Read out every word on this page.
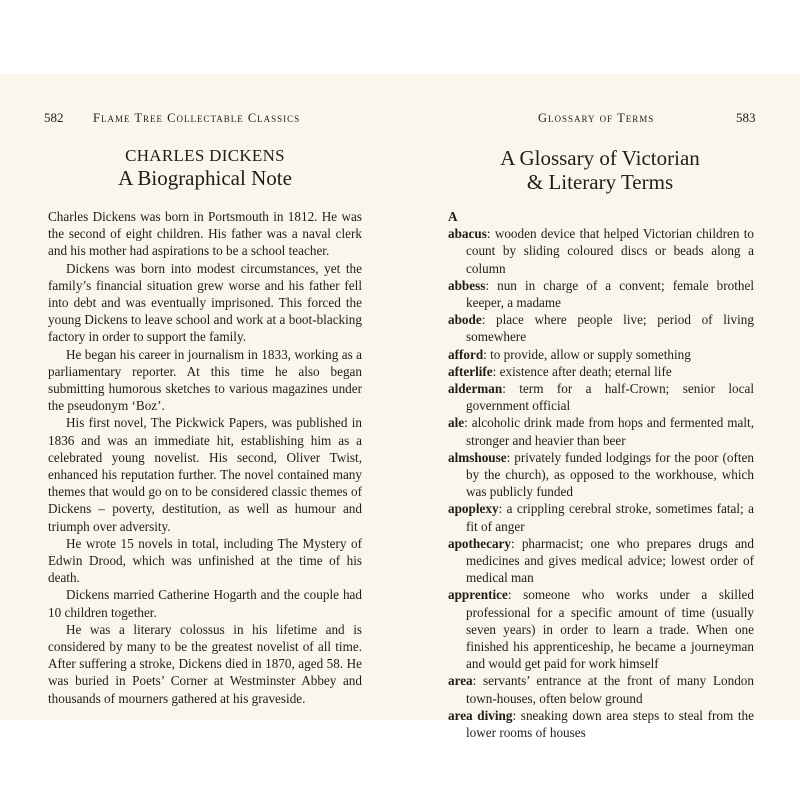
582 Flame Tree Collectable Classics
CHARLES DICKENS
A Biographical Note

Charles Dickens was born in Portsmouth in 1812. He was the second of eight children. His father was a naval clerk and his mother had aspirations to be a school teacher.

Dickens was born into modest circumstances, yet the family’s financial situation grew worse and his father fell into debt and was eventually imprisoned. This forced the young Dickens to leave school and work at a boot-blacking factory in order to support the family.

He began his career in journalism in 1833, working as a parliamentary reporter. At this time he also began submitting humorous sketches to various magazines under the pseudonym ‘Boz’.

His first novel, The Pickwick Papers, was published in 1836 and was an immediate hit, establishing him as a celebrated young novelist. His second, Oliver Twist, enhanced his reputation further. The novel contained many themes that would go on to be considered classic themes of Dickens – poverty, destitution, as well as humour and triumph over adversity.

He wrote 15 novels in total, including The Mystery of Edwin Drood, which was unfinished at the time of his death.

Dickens married Catherine Hogarth and the couple had 10 children together.

He was a literary colossus in his lifetime and is considered by many to be the greatest novelist of all time. After suffering a stroke, Dickens died in 1870, aged 58. He was buried in Poets’ Corner at Westminster Abbey and thousands of mourners gathered at his graveside.

Glossary of Terms	583
A Glossary of Victorian
& Literary Terms
A
abacus: wooden device that helped Victorian children to count by sliding coloured discs or beads along a column
abbess: nun in charge of a convent; female brothel keeper, a madame
abode: place where people live; period of living somewhere
afford: to provide, allow or supply something
afterlife: existence after death; eternal life
alderman: term for a half-Crown; senior local government official
ale: alcoholic drink made from hops and fermented malt, stronger and heavier than beer
almshouse: privately funded lodgings for the poor (often by the church), as opposed to the workhouse, which was publicly funded
apoplexy: a crippling cerebral stroke, sometimes fatal; a fit of anger
apothecary: pharmacist; one who prepares drugs and medicines and gives medical advice; lowest order of medical man
apprentice: someone who works under a skilled professional for a specific amount of time (usually seven years) in order to learn a trade. When one finished his apprenticeship, he became a journeyman and would get paid for work himself
area: servants’ entrance at the front of many London town-houses, often below ground
area diving: sneaking down area steps to steal from the lower rooms of houses
